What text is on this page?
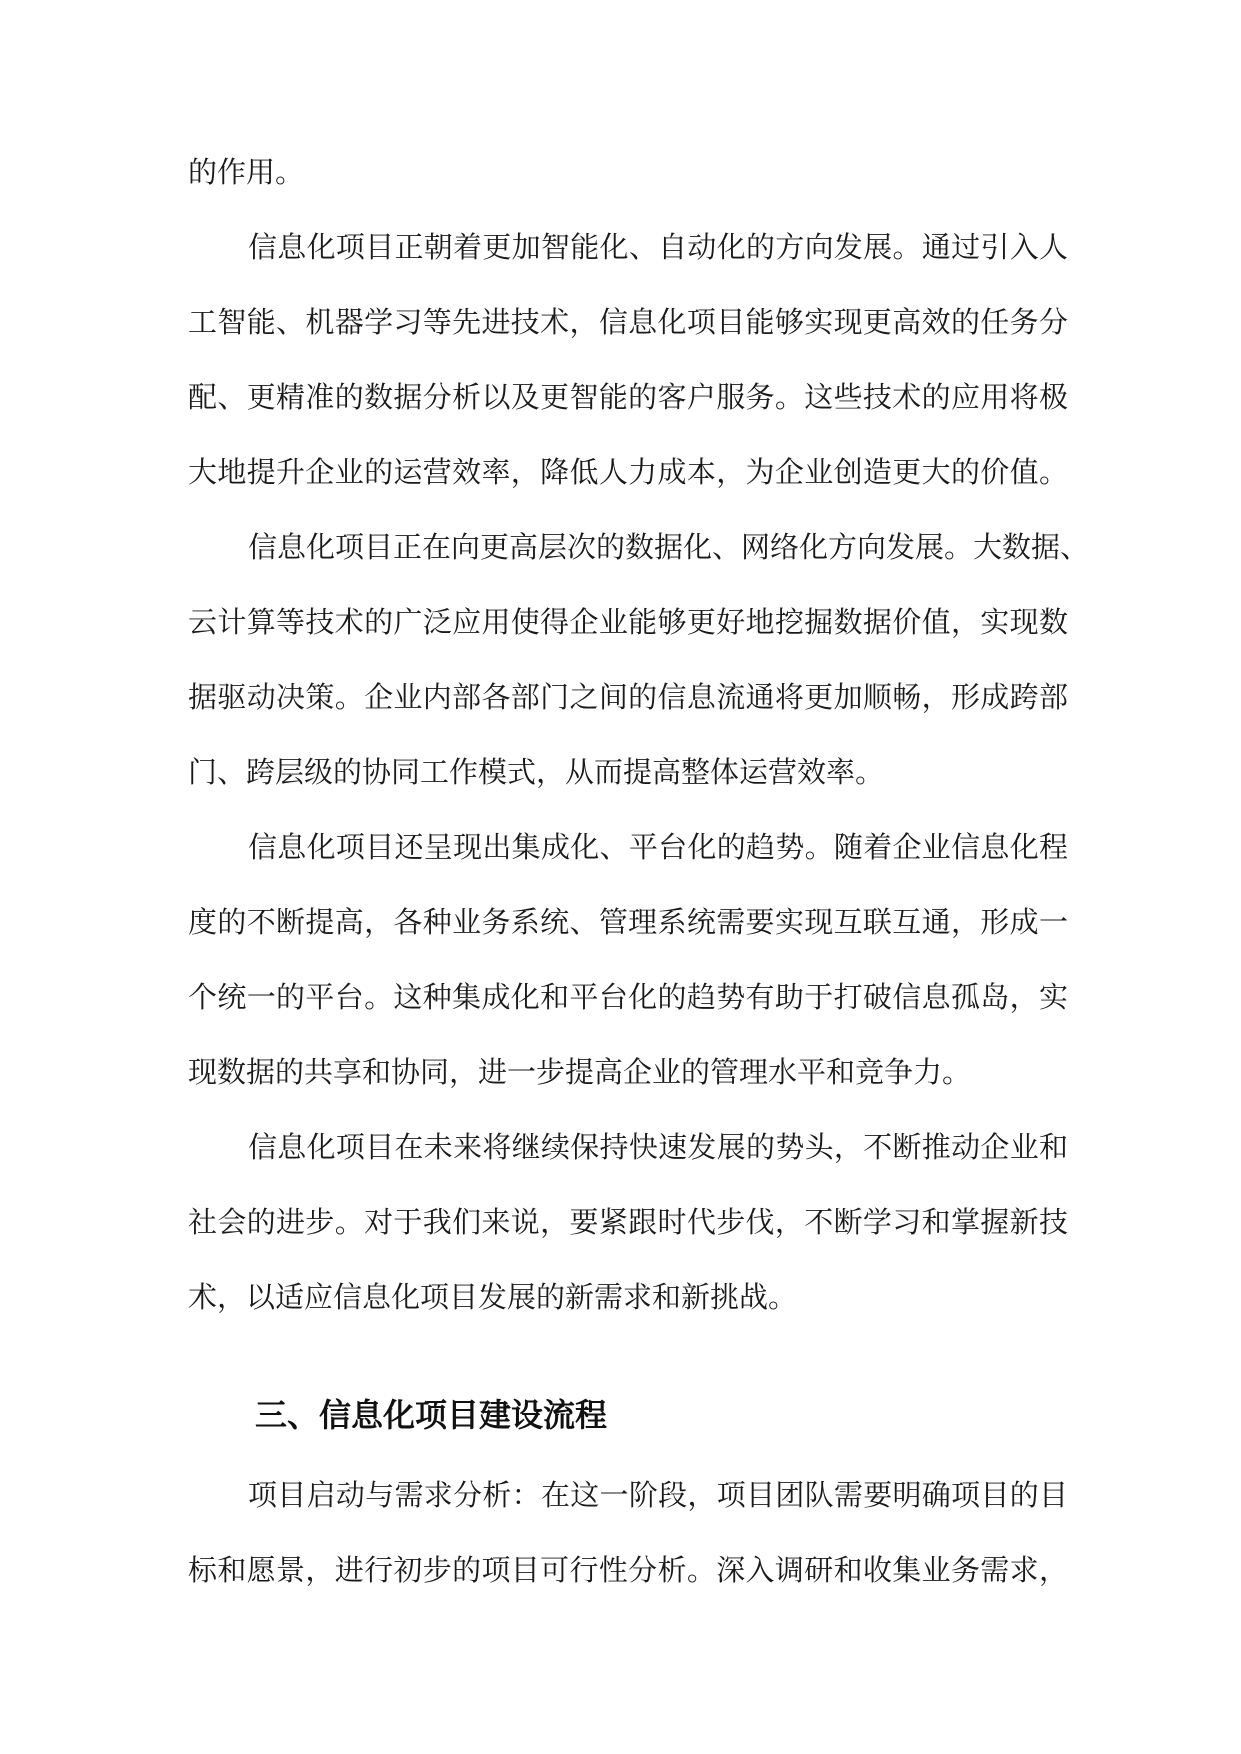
的作用。
信息化项目正朝着更加智能化、自动化的方向发展。通过引入人
工智能、机器学习等先进技术，信息化项目能够实现更高效的任务分
配、更精准的数据分析以及更智能的客户服务。这些技术的应用将极
大地提升企业的运营效率，降低人力成本，为企业创造更大的价值。
信息化项目正在向更高层次的数据化、网络化方向发展。大数据、
云计算等技术的广泛应用使得企业能够更好地挖掘数据价值，实现数
据驱动决策。企业内部各部门之间的信息流通将更加顺畅，形成跨部
门、跨层级的协同工作模式，从而提高整体运营效率。
信息化项目还呈现出集成化、平台化的趋势。随着企业信息化程
度的不断提高，各种业务系统、管理系统需要实现互联互通，形成一
个统一的平台。这种集成化和平台化的趋势有助于打破信息孤岛，实
现数据的共享和协同，进一步提高企业的管理水平和竞争力。
信息化项目在未来将继续保持快速发展的势头，不断推动企业和
社会的进步。对于我们来说，要紧跟时代步伐，不断学习和掌握新技
术，以适应信息化项目发展的新需求和新挑战。
三、信息化项目建设流程
项目启动与需求分析：在这一阶段，项目团队需要明确项目的目
标和愿景，进行初步的项目可行性分析。深入调研和收集业务需求，
